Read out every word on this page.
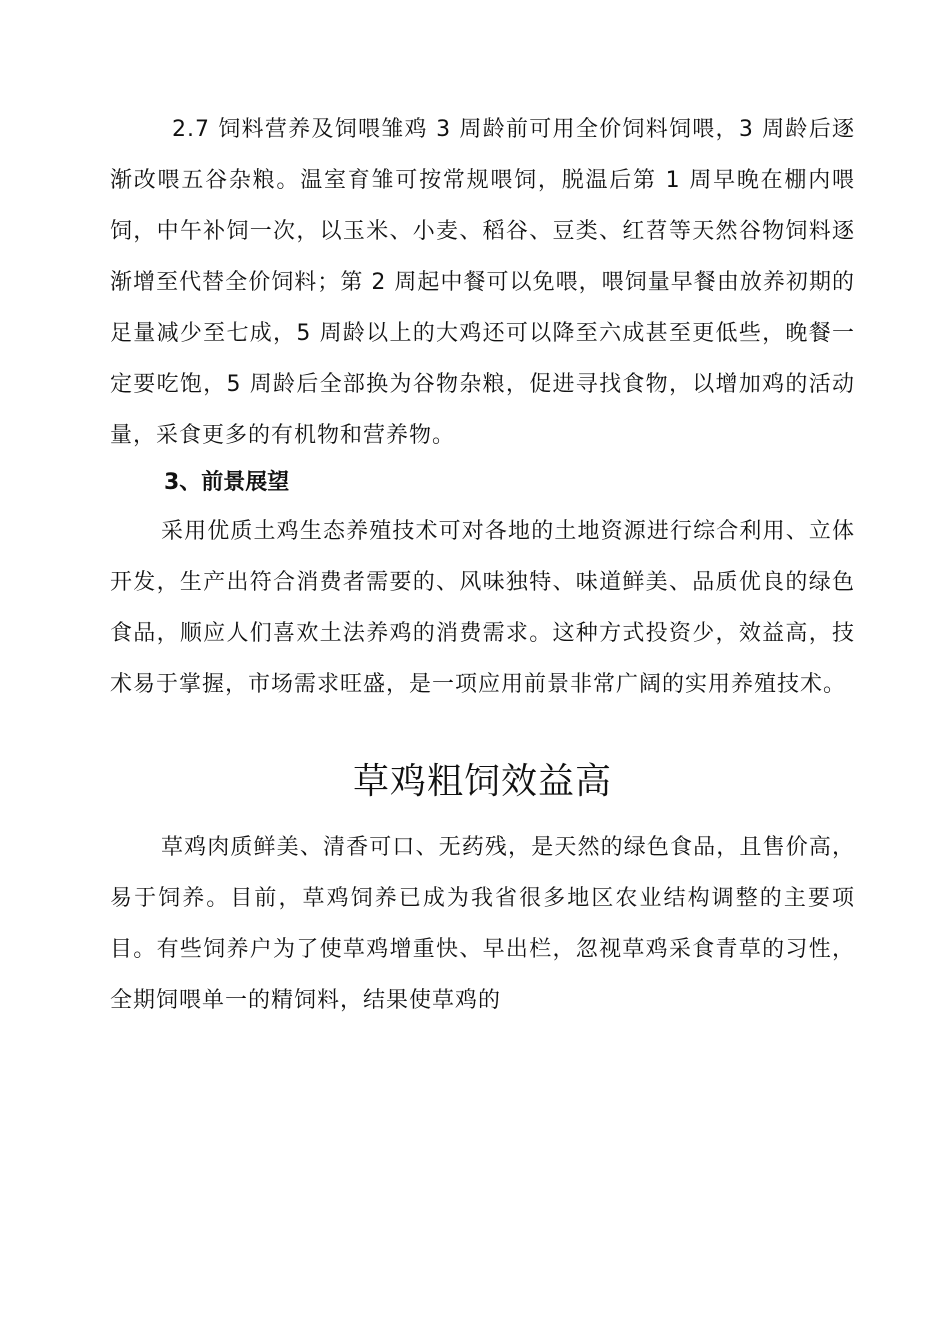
2.7 饲料营养及饲喂雏鸡 3 周龄前可用全价饲料饲喂，3 周龄后逐渐改喂五谷杂粮。温室育雏可按常规喂饲，脱温后第 1 周早晚在棚内喂饲，中午补饲一次，以玉米、小麦、稻谷、豆类、红苕等天然谷物饲料逐渐增至代替全价饲料；第 2 周起中餐可以免喂，喂饲量早餐由放养初期的足量减少至七成，5 周龄以上的大鸡还可以降至六成甚至更低些，晚餐一定要吃饱，5 周龄后全部换为谷物杂粮，促进寻找食物，以增加鸡的活动量，采食更多的有机物和营养物。

3、前景展望

采用优质土鸡生态养殖技术可对各地的土地资源进行综合利用、立体开发，生产出符合消费者需要的、风味独特、味道鲜美、品质优良的绿色食品，顺应人们喜欢土法养鸡的消费需求。这种方式投资少，效益高，技术易于掌握，市场需求旺盛，是一项应用前景非常广阔的实用养殖技术。

草鸡粗饲效益高

草鸡肉质鲜美、清香可口、无药残，是天然的绿色食品，且售价高，易于饲养。目前，草鸡饲养已成为我省很多地区农业结构调整的主要项目。有些饲养户为了使草鸡增重快、早出栏，忽视草鸡采食青草的习性，全期饲喂单一的精饲料，结果使草鸡的
